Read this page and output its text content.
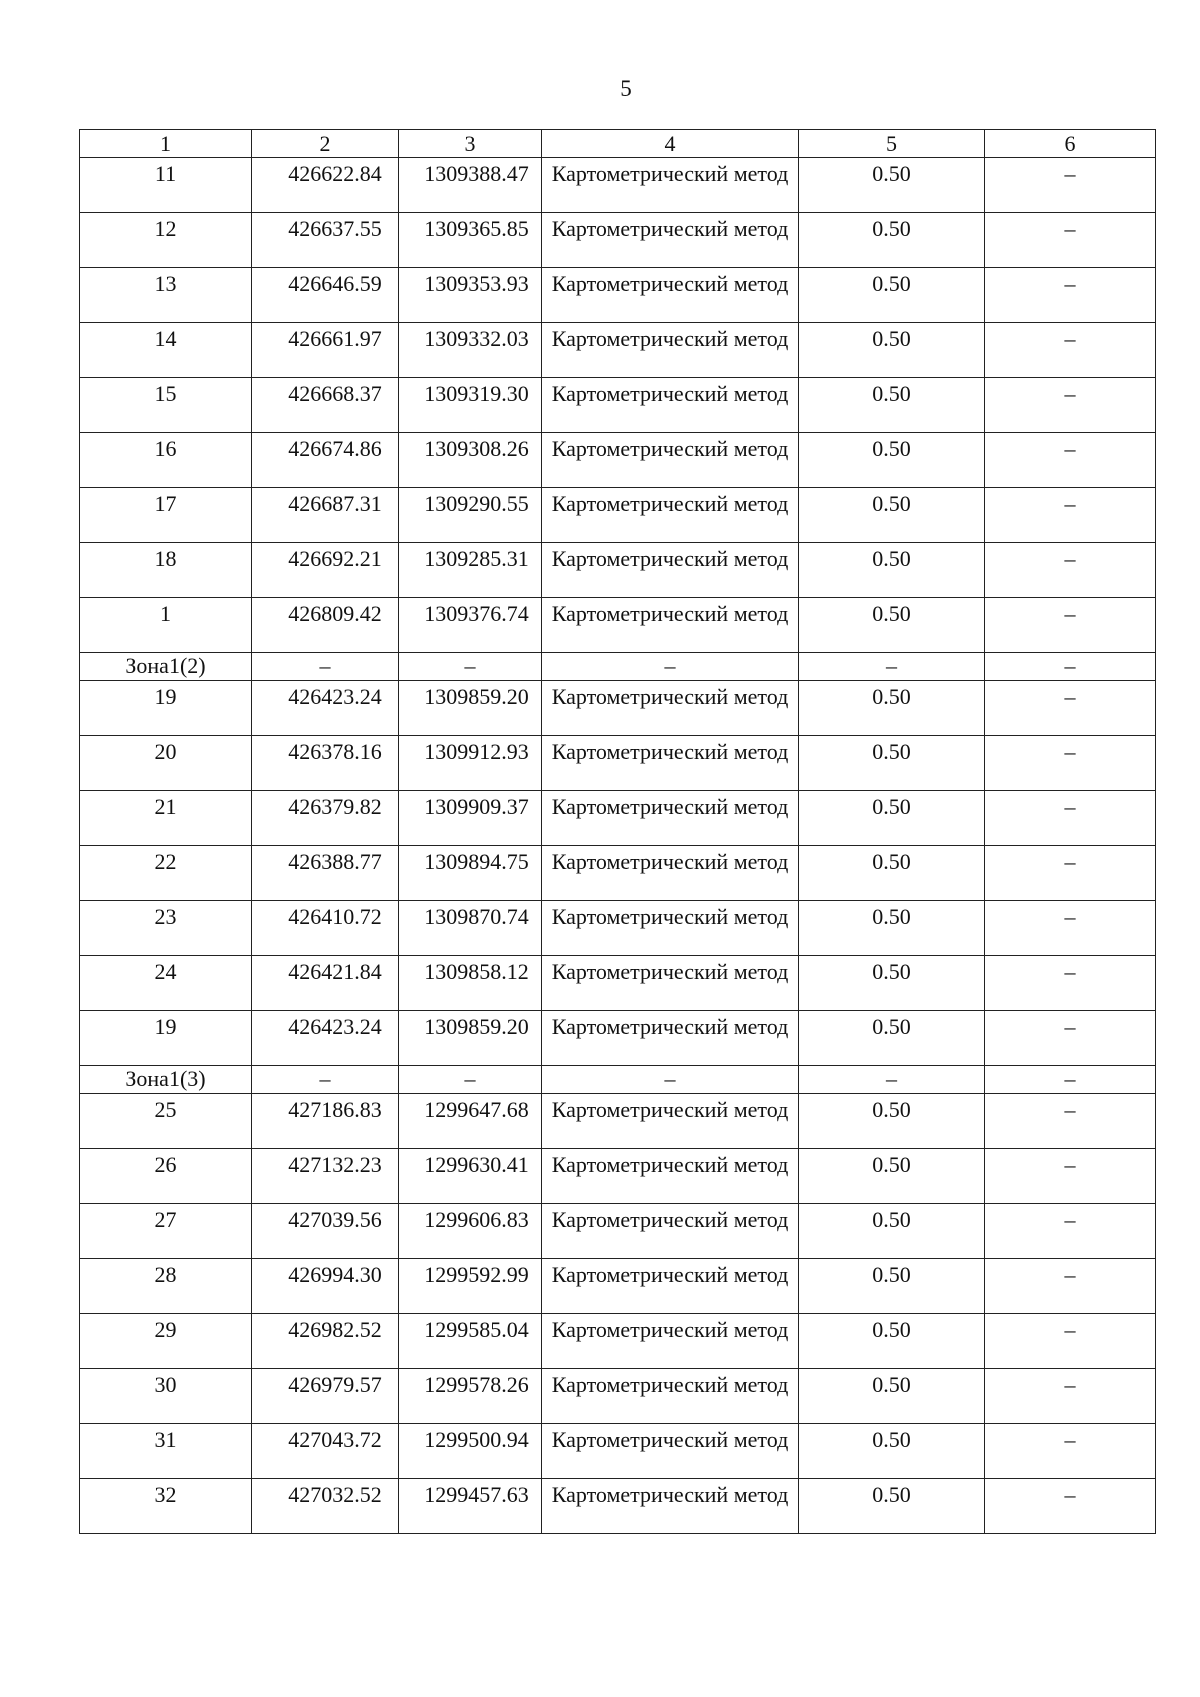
5
1	2	3	4	5	6
11	426622.84	1309388.47	Картометрический метод	0.50	–
12	426637.55	1309365.85	Картометрический метод	0.50	–
13	426646.59	1309353.93	Картометрический метод	0.50	–
14	426661.97	1309332.03	Картометрический метод	0.50	–
15	426668.37	1309319.30	Картометрический метод	0.50	–
16	426674.86	1309308.26	Картометрический метод	0.50	–
17	426687.31	1309290.55	Картометрический метод	0.50	–
18	426692.21	1309285.31	Картометрический метод	0.50	–
1	426809.42	1309376.74	Картометрический метод	0.50	–
Зона1(2)	–	–	–	–	–
19	426423.24	1309859.20	Картометрический метод	0.50	–
20	426378.16	1309912.93	Картометрический метод	0.50	–
21	426379.82	1309909.37	Картометрический метод	0.50	–
22	426388.77	1309894.75	Картометрический метод	0.50	–
23	426410.72	1309870.74	Картометрический метод	0.50	–
24	426421.84	1309858.12	Картометрический метод	0.50	–
19	426423.24	1309859.20	Картометрический метод	0.50	–
Зона1(3)	–	–	–	–	–
25	427186.83	1299647.68	Картометрический метод	0.50	–
26	427132.23	1299630.41	Картометрический метод	0.50	–
27	427039.56	1299606.83	Картометрический метод	0.50	–
28	426994.30	1299592.99	Картометрический метод	0.50	–
29	426982.52	1299585.04	Картометрический метод	0.50	–
30	426979.57	1299578.26	Картометрический метод	0.50	–
31	427043.72	1299500.94	Картометрический метод	0.50	–
32	427032.52	1299457.63	Картометрический метод	0.50	–
